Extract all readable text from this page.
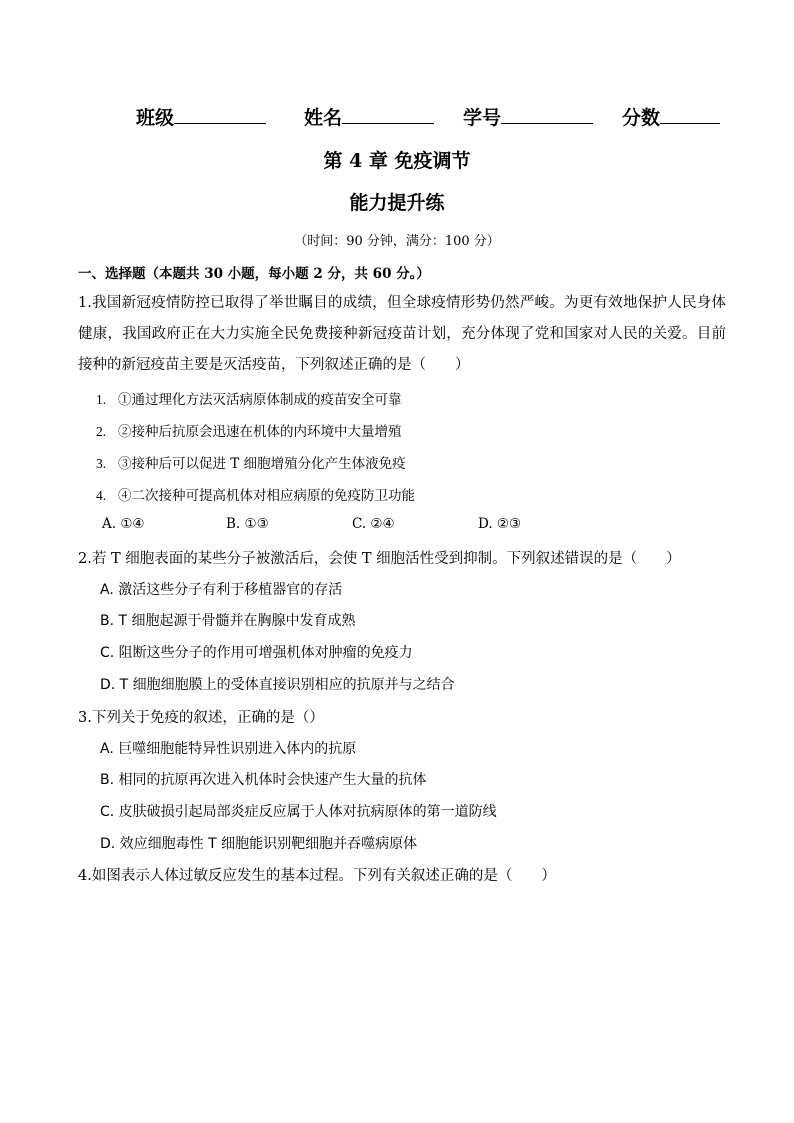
班级	姓名	学号	分数
第 4 章 免疫调节
能力提升练
（时间：90 分钟，满分：100 分）
一、选择题（本题共 30 小题，每小题 2 分，共 60 分。）
1.我国新冠疫情防控已取得了举世瞩目的成绩，但全球疫情形势仍然严峻。为更有效地保护人民身体健康，我国政府正在大力实施全民免费接种新冠疫苗计划，充分体现了党和国家对人民的关爱。目前接种的新冠疫苗主要是灭活疫苗，下列叙述正确的是（　　）
1. ①通过理化方法灭活病原体制成的疫苗安全可靠
2. ②接种后抗原会迅速在机体的内环境中大量增殖
3. ③接种后可以促进 T 细胞增殖分化产生体液免疫
4. ④二次接种可提高机体对相应病原的免疫防卫功能
A. ①④	B. ①③	C. ②④	D. ②③
2.若 T 细胞表面的某些分子被激活后，会使 T 细胞活性受到抑制。下列叙述错误的是（　　）
A. 激活这些分子有利于移植器官的存活
B. T 细胞起源于骨髓并在胸腺中发育成熟
C. 阻断这些分子的作用可增强机体对肿瘤的免疫力
D. T 细胞细胞膜上的受体直接识别相应的抗原并与之结合
3.下列关于免疫的叙述，正确的是（）
A. 巨噬细胞能特异性识别进入体内的抗原
B. 相同的抗原再次进入机体时会快速产生大量的抗体
C. 皮肤破损引起局部炎症反应属于人体对抗病原体的第一道防线
D. 效应细胞毒性 T 细胞能识别靶细胞并吞噬病原体
4.如图表示人体过敏反应发生的基本过程。下列有关叙述正确的是（　　）
